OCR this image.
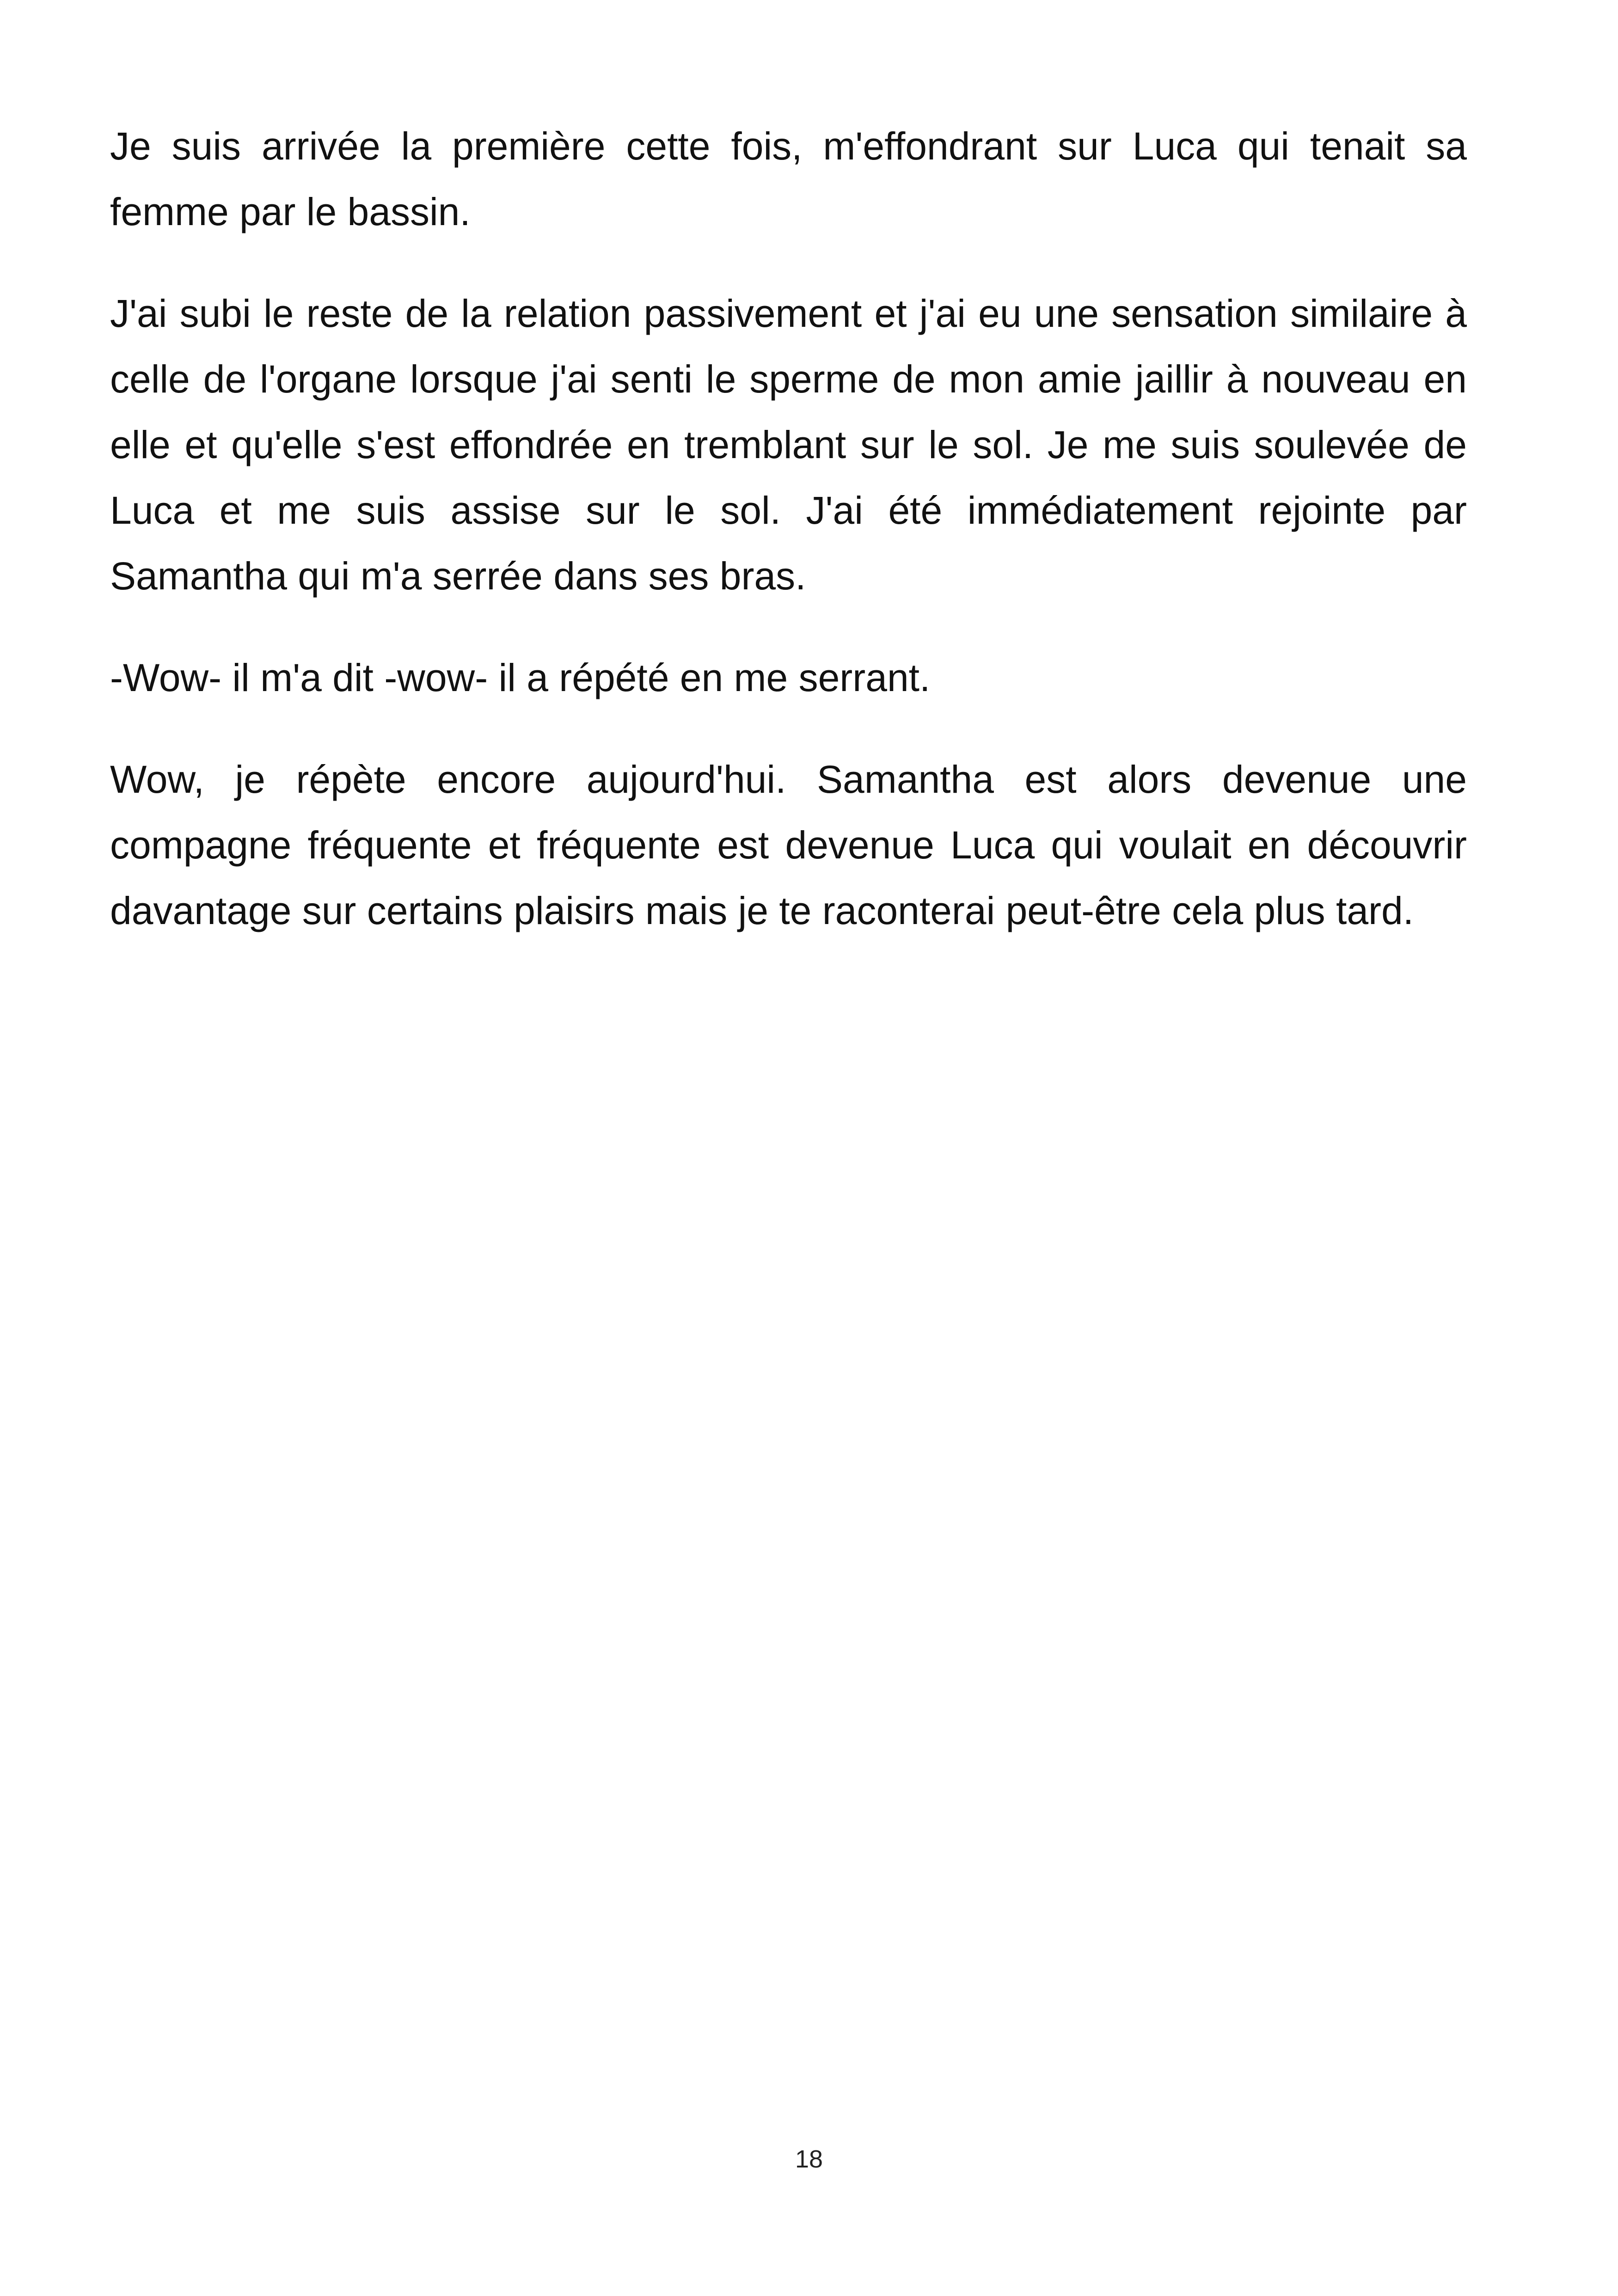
Je suis arrivée la première cette fois, m'effondrant sur Luca qui tenait sa femme par le bassin.

J'ai subi le reste de la relation passivement et j'ai eu une sensation similaire à celle de l'organe lorsque j'ai senti le sperme de mon amie jaillir à nouveau en elle et qu'elle s'est effondrée en tremblant sur le sol. Je me suis soulevée de Luca et me suis assise sur le sol. J'ai été immédiatement rejointe par Samantha qui m'a serrée dans ses bras.

-Wow- il m'a dit -wow- il a répété en me serrant.

Wow, je répète encore aujourd'hui. Samantha est alors devenue une compagne fréquente et fréquente est devenue Luca qui voulait en découvrir davantage sur certains plaisirs mais je te raconterai peut-être cela plus tard.

18
